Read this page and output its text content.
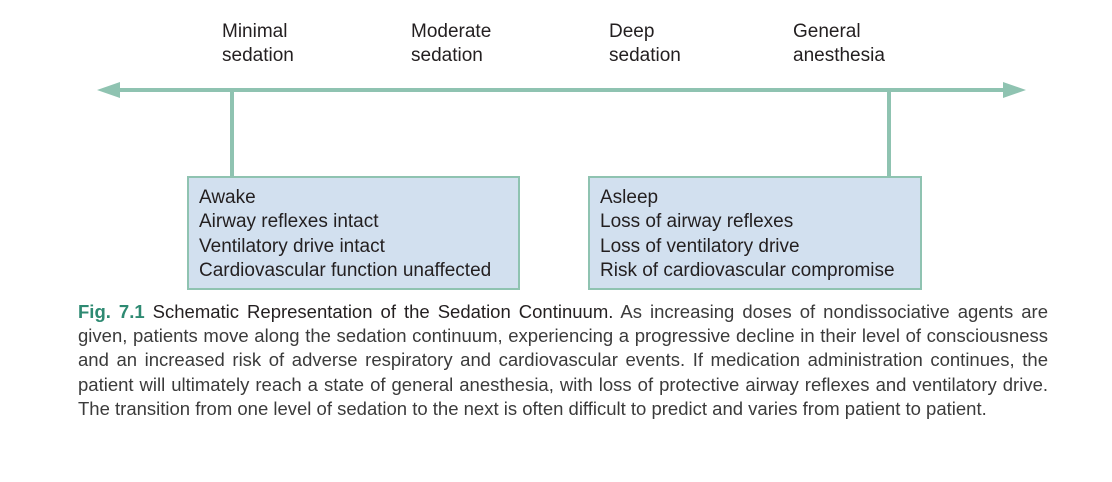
Minimal
sedation
Moderate
sedation
Deep
sedation
General
anesthesia
Awake
Airway reflexes intact
Ventilatory drive intact
Cardiovascular function unaffected
Asleep
Loss of airway reflexes
Loss of ventilatory drive
Risk of cardiovascular compromise
Fig. 7.1 Schematic Representation of the Sedation Continuum. As increasing doses of nondissociative agents are given, patients move along the sedation continuum, experiencing a progressive decline in their level of consciousness and an increased risk of adverse respiratory and cardiovascular events. If medication administration continues, the patient will ultimately reach a state of general anesthesia, with loss of protective airway reflexes and ventilatory drive. The transition from one level of sedation to the next is often difficult to predict and varies from patient to patient.
